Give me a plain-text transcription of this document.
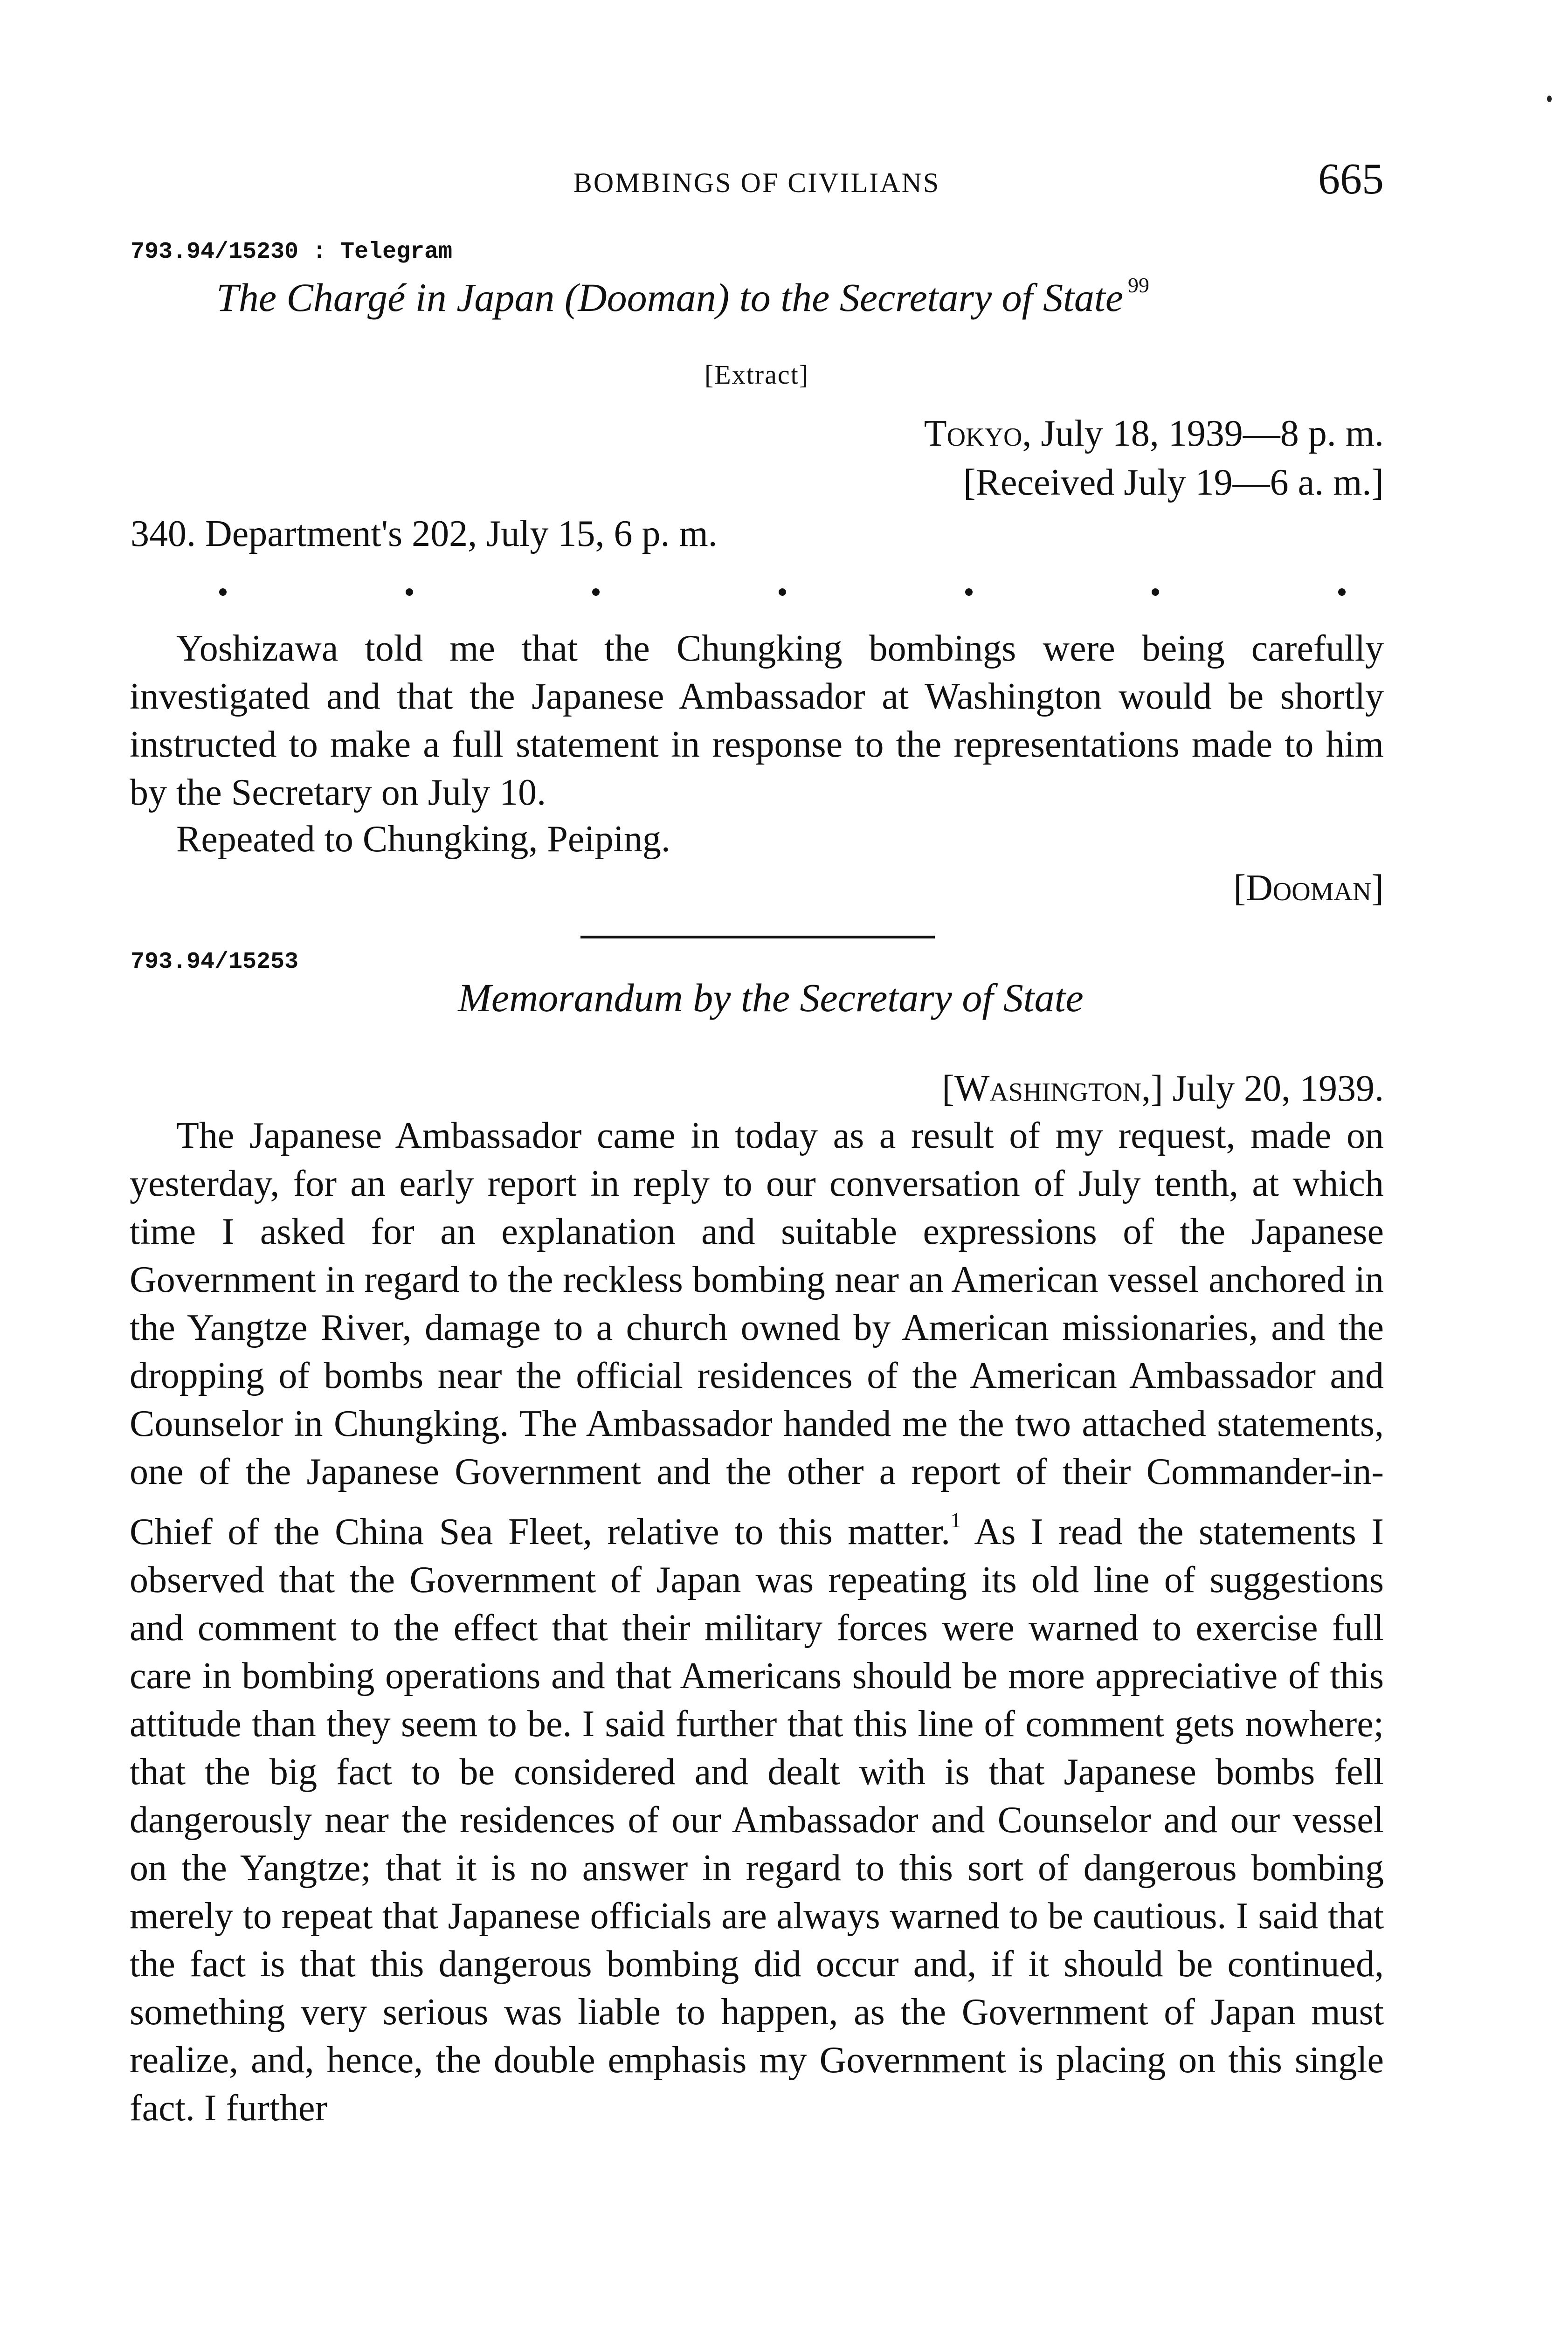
BOMBINGS OF CIVILIANS	665
793.94/15230 : Telegram
The Chargé in Japan (Dooman) to the Secretary of State $^{99}$
[Extract]
Tokyo, July 18, 1939—8 p. m.
[Received July 19—6 a. m.]
340. Department's 202, July 15, 6 p. m.

Yoshizawa told me that the Chungking bombings were being carefully investigated and that the Japanese Ambassador at Washington would be shortly instructed to make a full statement in response to the representations made to him by the Secretary on July 10.

Repeated to Chungking, Peiping.
[Dooman]
793.94/15253
Memorandum by the Secretary of State
[Washington,] July 20, 1939.

The Japanese Ambassador came in today as a result of my request, made on yesterday, for an early report in reply to our conversation of July tenth, at which time I asked for an explanation and suitable expressions of the Japanese Government in regard to the reckless bombing near an American vessel anchored in the Yangtze River, damage to a church owned by American missionaries, and the dropping of bombs near the official residences of the American Ambassador and Counselor in Chungking. The Ambassador handed me the two attached statements, one of the Japanese Government and the other a report of their Commander-in-Chief of the China Sea Fleet, relative to this matter.$^1$ As I read the statements I observed that the Government of Japan was repeating its old line of suggestions and comment to the effect that their military forces were warned to exercise full care in bombing operations and that Americans should be more appreciative of this attitude than they seem to be. I said further that this line of comment gets nowhere; that the big fact to be considered and dealt with is that Japanese bombs fell dangerously near the residences of our Ambassador and Counselor and our vessel on the Yangtze; that it is no answer in regard to this sort of dangerous bombing merely to repeat that Japanese officials are always warned to be cautious. I said that the fact is that this dangerous bombing did occur and, if it should be continued, something very serious was liable to happen, as the Government of Japan must realize, and, hence, the double emphasis my Government is placing on this single fact. I further
